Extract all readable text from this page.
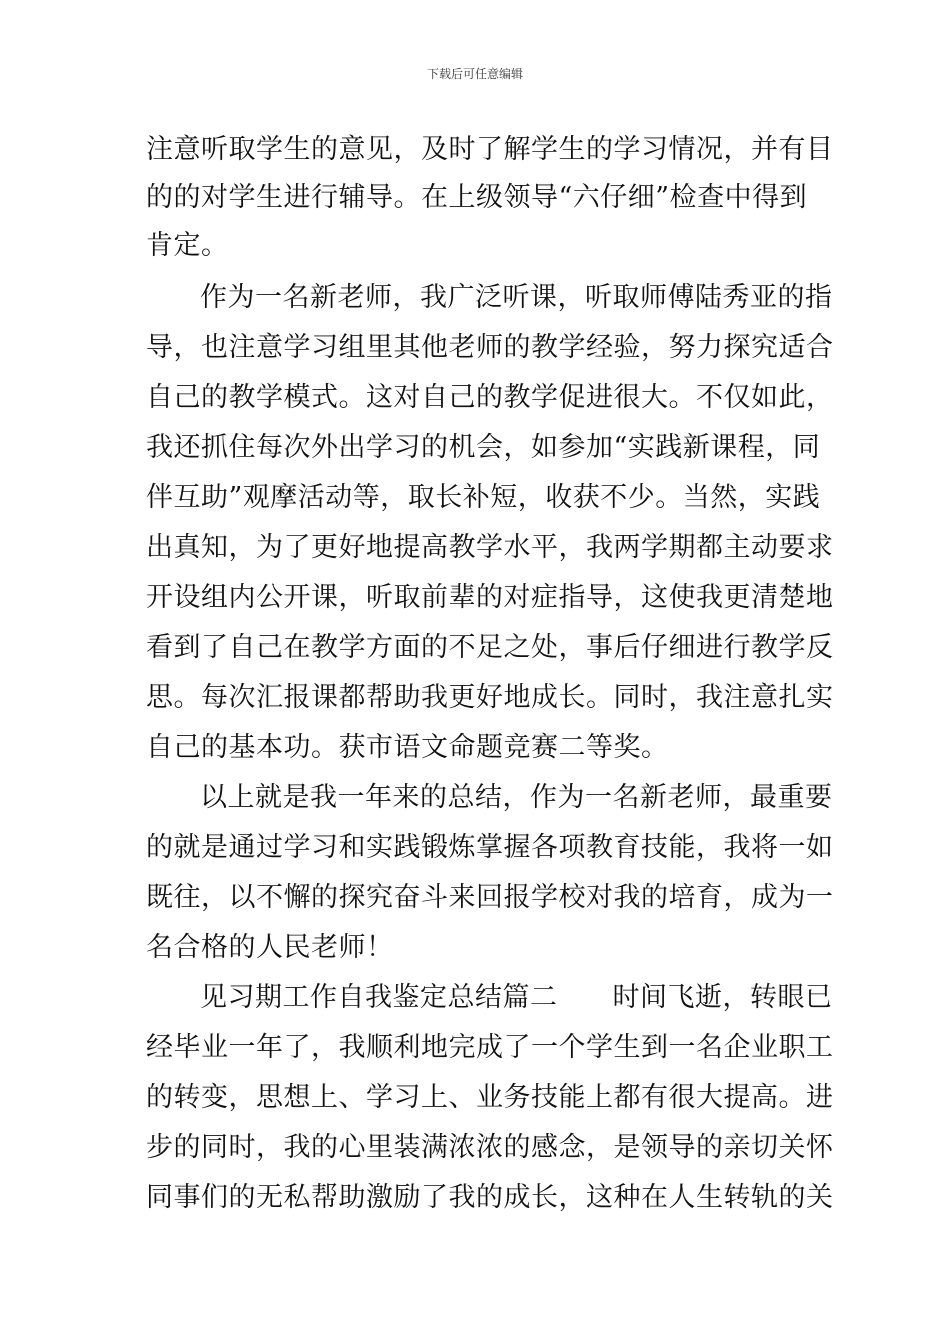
下载后可任意编辑
注意听取学生的意见，及时了解学生的学习情况，并有目
的的对学生进行辅导。在上级领导“六仔细”检查中得到
肯定。
作为一名新老师，我广泛听课，听取师傅陆秀亚的指
导，也注意学习组里其他老师的教学经验，努力探究适合
自己的教学模式。这对自己的教学促进很大。不仅如此，
我还抓住每次外出学习的机会，如参加“实践新课程，同
伴互助”观摩活动等，取长补短，收获不少。当然，实践
出真知，为了更好地提高教学水平，我两学期都主动要求
开设组内公开课，听取前辈的对症指导，这使我更清楚地
看到了自己在教学方面的不足之处，事后仔细进行教学反
思。每次汇报课都帮助我更好地成长。同时，我注意扎实
自己的基本功。获市语文命题竞赛二等奖。
以上就是我一年来的总结，作为一名新老师，最重要
的就是通过学习和实践锻炼掌握各项教育技能，我将一如
既往，以不懈的探究奋斗来回报学校对我的培育，成为一
名合格的人民老师！
见习期工作自我鉴定总结篇二　　时间飞逝，转眼已
经毕业一年了，我顺利地完成了一个学生到一名企业职工
的转变，思想上、学习上、业务技能上都有很大提高。进
步的同时，我的心里装满浓浓的感念，是领导的亲切关怀
同事们的无私帮助激励了我的成长，这种在人生转轨的关
